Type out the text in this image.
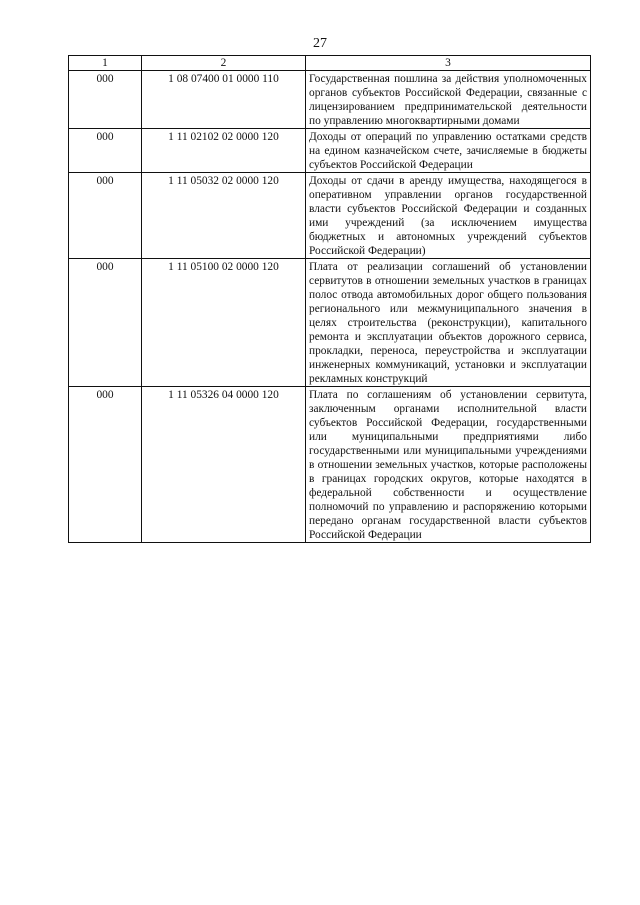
27
1	2	3
000	1 08 07400 01 0000 110	Государственная пошлина за действия уполномоченных органов субъектов Российской Федерации, связанные с лицензированием предпринимательской деятельности по управлению многоквартирными домами
000	1 11 02102 02 0000 120	Доходы от операций по управлению остатками средств на едином казначейском счете, зачисляемые в бюджеты субъектов Российской Федерации
000	1 11 05032 02 0000 120	Доходы от сдачи в аренду имущества, находящегося в оперативном управлении органов государственной власти субъектов Российской Федерации и созданных ими учреждений (за исключением имущества бюджетных и автономных учреждений субъектов Российской Федерации)
000	1 11 05100 02 0000 120	Плата от реализации соглашений об установлении сервитутов в отношении земельных участков в границах полос отвода автомобильных дорог общего пользования регионального или межмуниципального значения в целях строительства (реконструкции), капитального ремонта и эксплуатации объектов дорожного сервиса, прокладки, переноса, переустройства и эксплуатации инженерных коммуникаций, установки и эксплуатации рекламных конструкций
000	1 11 05326 04 0000 120	Плата по соглашениям об установлении сервитута, заключенным органами исполнительной власти субъектов Российской Федерации, государственными или муниципальными предприятиями либо государственными или муниципальными учреждениями в отношении земельных участков, которые расположены в границах городских округов, которые находятся в федеральной собственности и осуществление полномочий по управлению и распоряжению которыми передано органам государственной власти субъектов Российской Федерации
